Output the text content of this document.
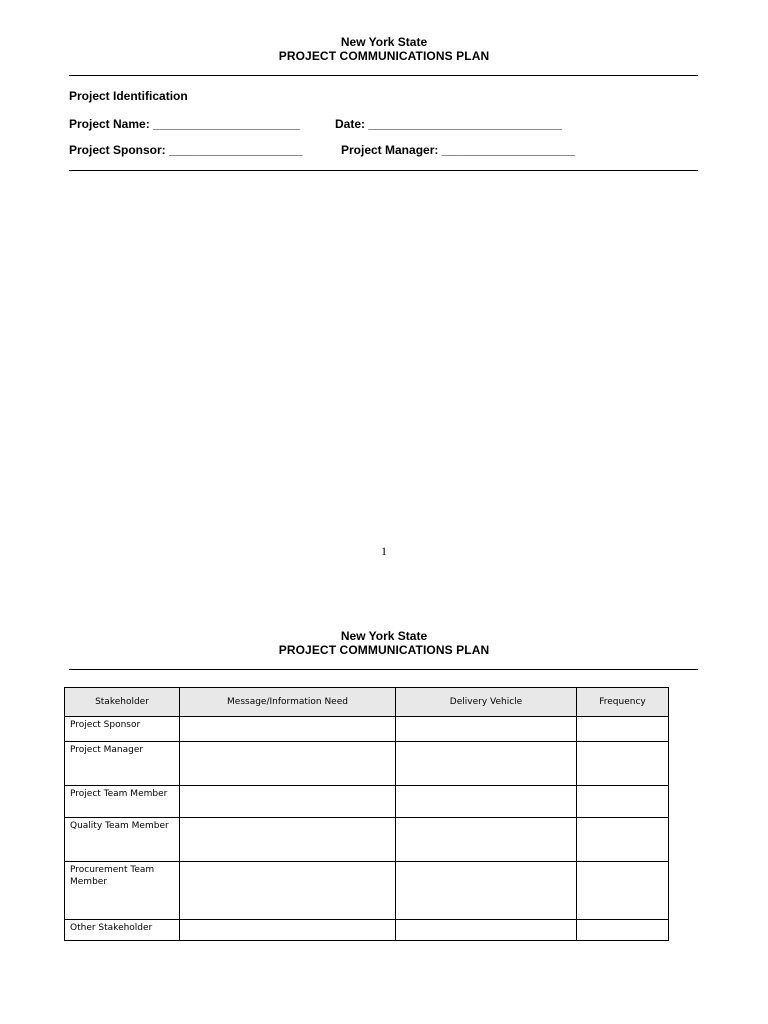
New York State
PROJECT COMMUNICATIONS PLAN
Project Identification
Project Name: ______________________	Date: _____________________________
Project Sponsor: ____________________	Project Manager: ____________________
1
New York State
PROJECT COMMUNICATIONS PLAN
Stakeholder	Message/Information Need	Delivery Vehicle	Frequency
Project Sponsor			
Project Manager			
Project Team Member			
Quality Team Member			
Procurement Team Member			
Other Stakeholder			
